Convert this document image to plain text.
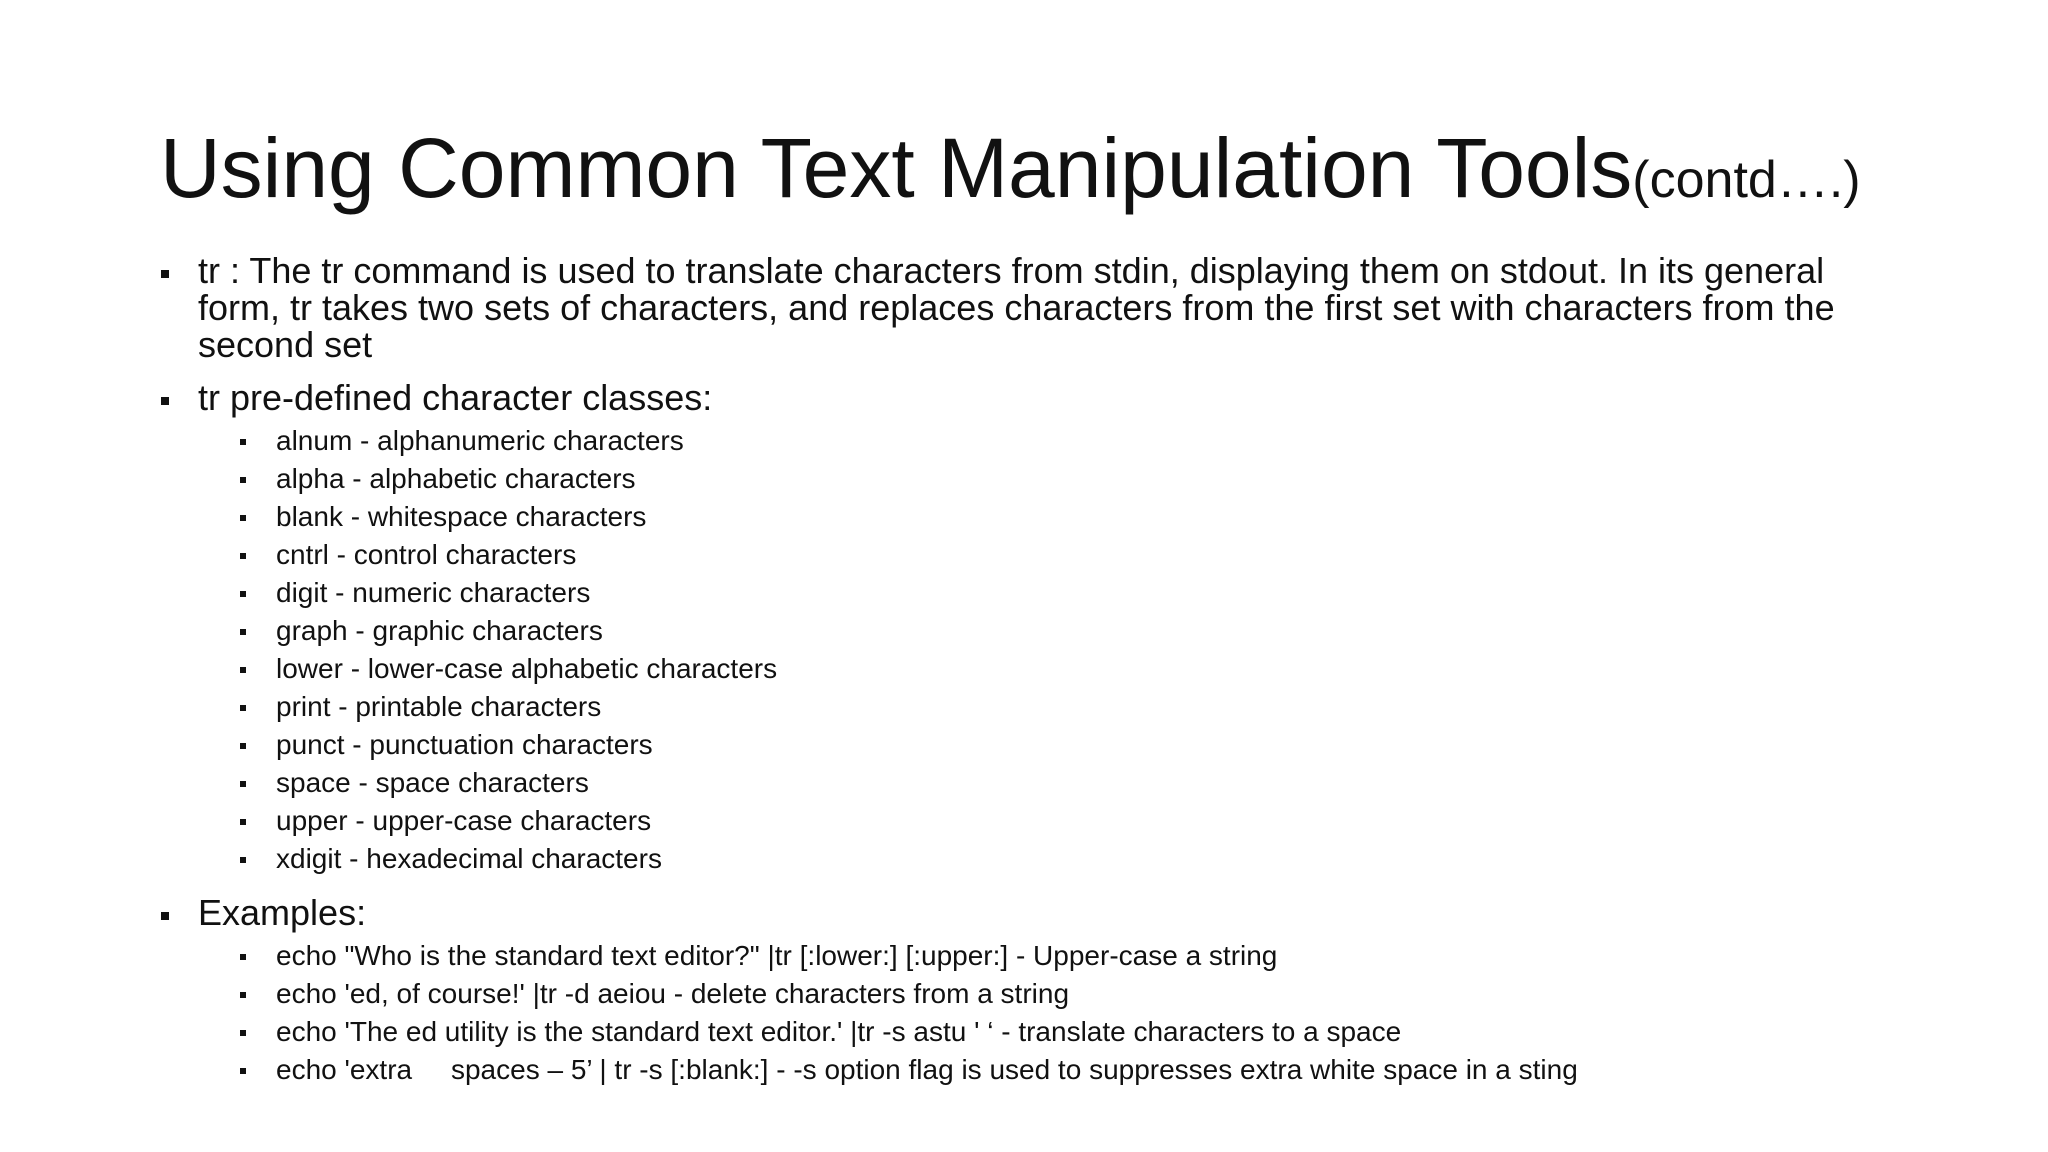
Using Common Text Manipulation Tools(contd….)
tr : The tr command is used to translate characters from stdin, displaying them on stdout. In its general form, tr takes two sets of characters, and replaces characters from the first set with characters from the second set
tr pre-defined character classes:
alnum - alphanumeric characters
alpha - alphabetic characters
blank - whitespace characters
cntrl - control characters
digit - numeric characters
graph - graphic characters
lower - lower-case alphabetic characters
print - printable characters
punct - punctuation characters
space - space characters
upper - upper-case characters
xdigit - hexadecimal characters
Examples:
echo "Who is the standard text editor?" |tr [:lower:] [:upper:] - Upper-case a string
echo 'ed, of course!' |tr -d aeiou - delete characters from a string
echo 'The ed utility is the standard text editor.' |tr -s astu ' ‘ - translate characters to a space
echo 'extra     spaces – 5’ | tr -s [:blank:] - -s option flag is used to suppresses extra white space in a sting
